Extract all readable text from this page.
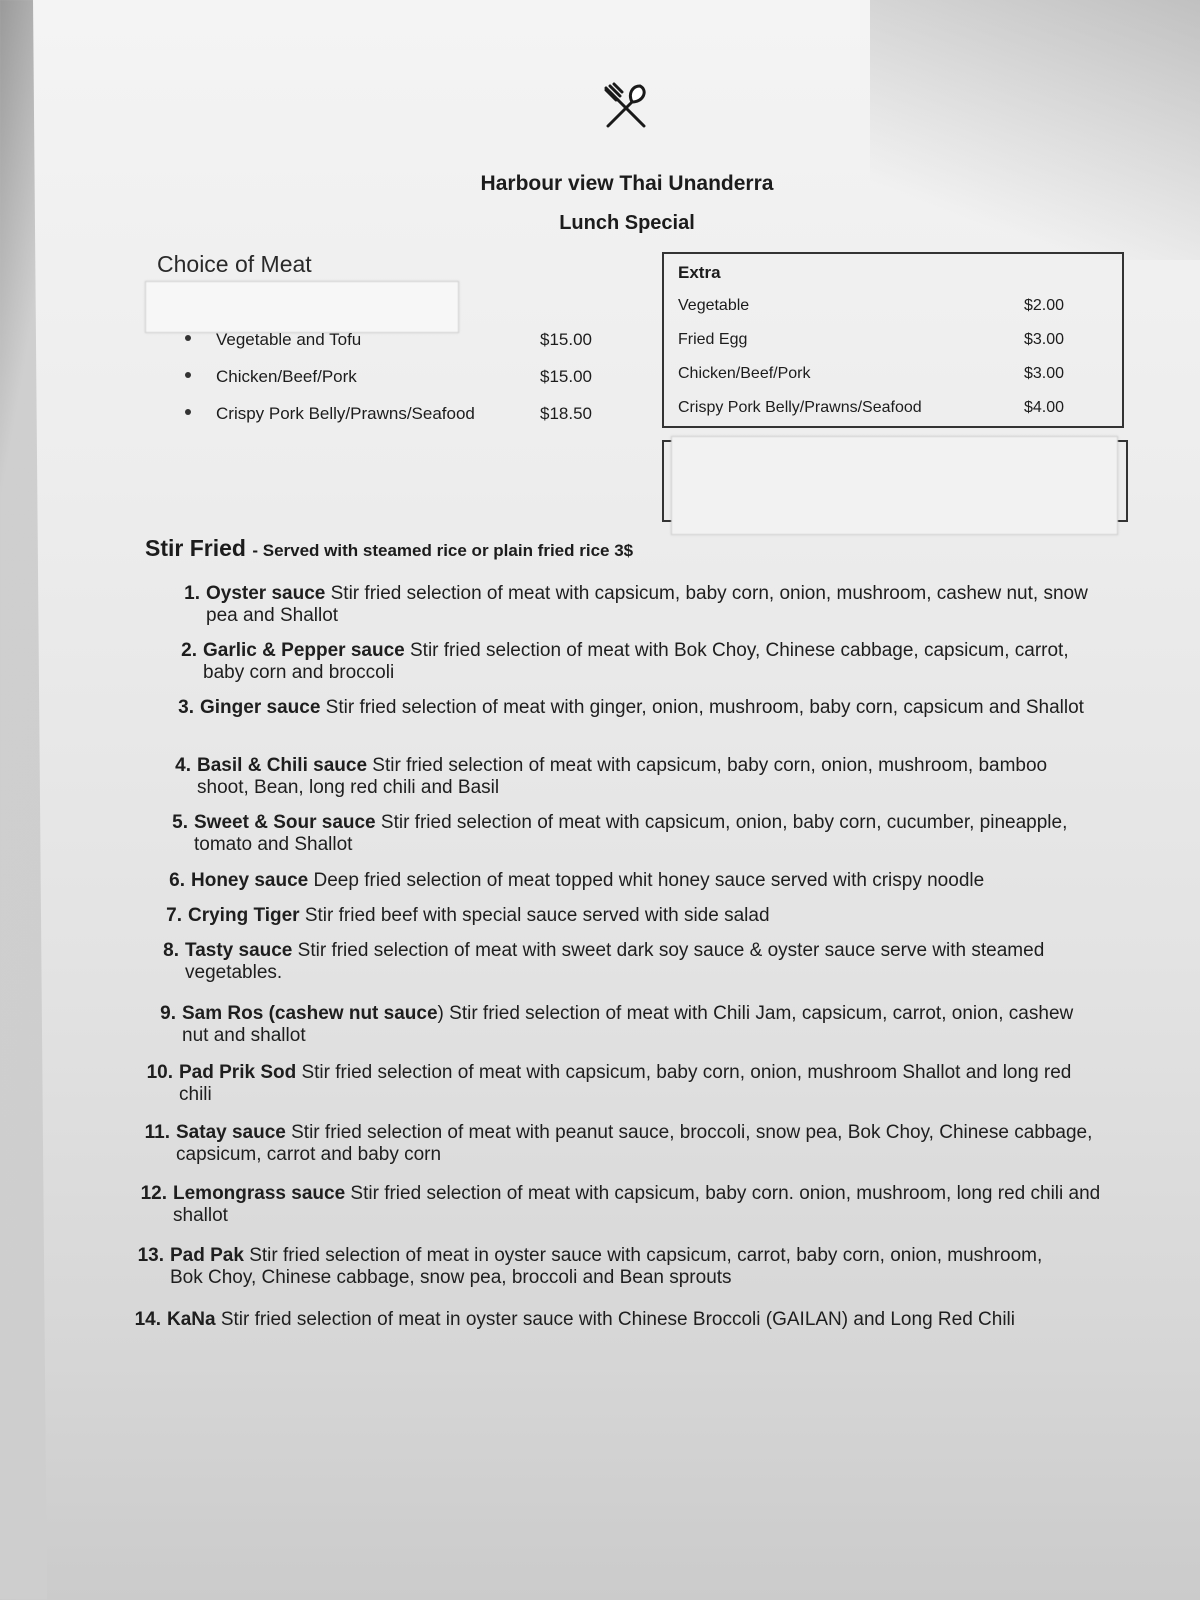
Harbour view Thai Unanderra
Lunch Special
Choice of Meat
Vegetable and Tofu	$15.00
Chicken/Beef/Pork	$15.00
Crispy Pork Belly/Prawns/Seafood	$18.50
Extra
Vegetable	$2.00
Fried Egg	$3.00
Chicken/Beef/Pork	$3.00
Crispy Pork Belly/Prawns/Seafood	$4.00
Stir Fried - Served with steamed rice or plain fried rice 3$
1. Oyster sauce Stir fried selection of meat with capsicum, baby corn, onion, mushroom, cashew nut, snow pea and Shallot
2. Garlic & Pepper sauce Stir fried selection of meat with Bok Choy, Chinese cabbage, capsicum, carrot, baby corn and broccoli
3. Ginger sauce Stir fried selection of meat with ginger, onion, mushroom, baby corn, capsicum and Shallot
4. Basil & Chili sauce Stir fried selection of meat with capsicum, baby corn, onion, mushroom, bamboo shoot, Bean, long red chili and Basil
5. Sweet & Sour sauce Stir fried selection of meat with capsicum, onion, baby corn, cucumber, pineapple, tomato and Shallot
6. Honey sauce Deep fried selection of meat topped whit honey sauce served with crispy noodle
7. Crying Tiger Stir fried beef with special sauce served with side salad
8. Tasty sauce Stir fried selection of meat with sweet dark soy sauce & oyster sauce serve with steamed vegetables.
9. Sam Ros (cashew nut sauce) Stir fried selection of meat with Chili Jam, capsicum, carrot, onion, cashew nut and shallot
10. Pad Prik Sod Stir fried selection of meat with capsicum, baby corn, onion, mushroom Shallot and long red chili
11. Satay sauce Stir fried selection of meat with peanut sauce, broccoli, snow pea, Bok Choy, Chinese cabbage, capsicum, carrot and baby corn
12. Lemongrass sauce Stir fried selection of meat with capsicum, baby corn. onion, mushroom, long red chili and shallot
13. Pad Pak Stir fried selection of meat in oyster sauce with capsicum, carrot, baby corn, onion, mushroom, Bok Choy, Chinese cabbage, snow pea, broccoli and Bean sprouts
14. KaNa Stir fried selection of meat in oyster sauce with Chinese Broccoli (GAILAN) and Long Red Chili
